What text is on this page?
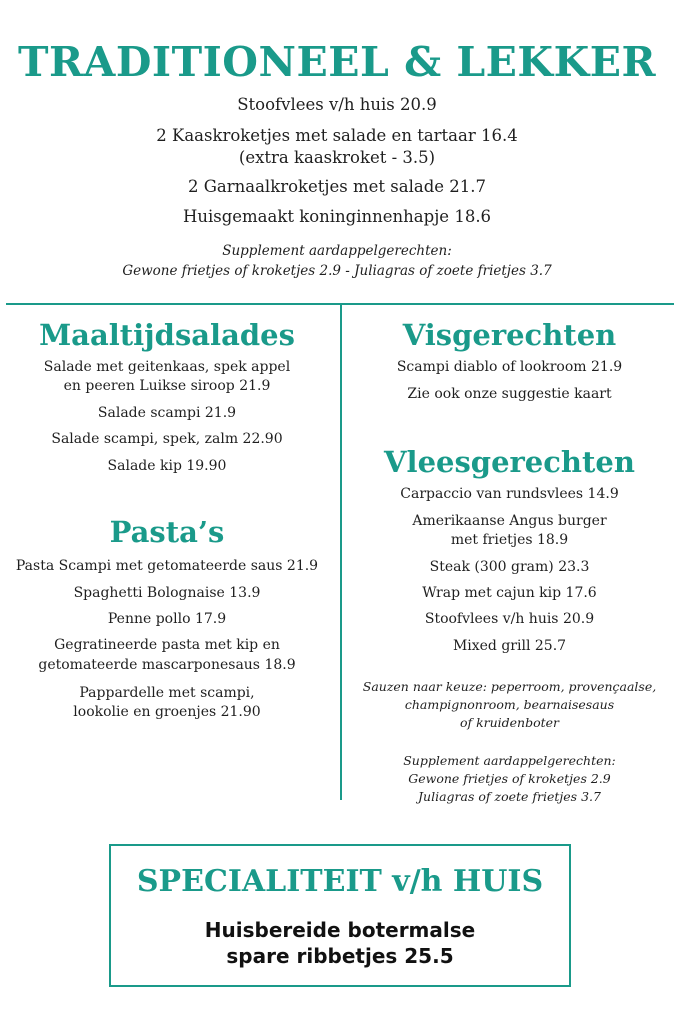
TRADITIONEEL & LEKKER
Stoofvlees v/h huis 20.9
2 Kaaskroketjes met salade en tartaar 16.4
(extra kaaskroket - 3.5)
2 Garnaalkroketjes met salade 21.7
Huisgemaakt koninginnenhapje 18.6
Supplement aardappelgerechten:
Gewone frietjes of kroketjes 2.9 - Juliagras of zoete frietjes 3.7
Maaltijdsalades
Salade met geitenkaas, spek appel
en peeren Luikse siroop 21.9
Salade scampi 21.9
Salade scampi, spek, zalm 22.90
Salade kip 19.90
Pasta’s
Pasta Scampi met getomateerde saus 21.9
Spaghetti Bolognaise 13.9
Penne pollo 17.9
Gegratineerde pasta met kip en
getomateerde mascarponesaus 18.9
Pappardelle met scampi,
lookolie en groenjes 21.90
Visgerechten
Scampi diablo of lookroom 21.9
Zie ook onze suggestie kaart
Vleesgerechten
Carpaccio van rundsvlees 14.9
Amerikaanse Angus burger
met frietjes 18.9
Steak (300 gram) 23.3
Wrap met cajun kip 17.6
Stoofvlees v/h huis 20.9
Mixed grill 25.7
Sauzen naar keuze: peperroom, provençaalse,
champignonroom, bearnaisesaus
of kruidenboter
Supplement aardappelgerechten:
Gewone frietjes of kroketjes 2.9
Juliagras of zoete frietjes 3.7
SPECIALITEIT v/h HUIS
Huisbereide botermalse
spare ribbetjes 25.5
